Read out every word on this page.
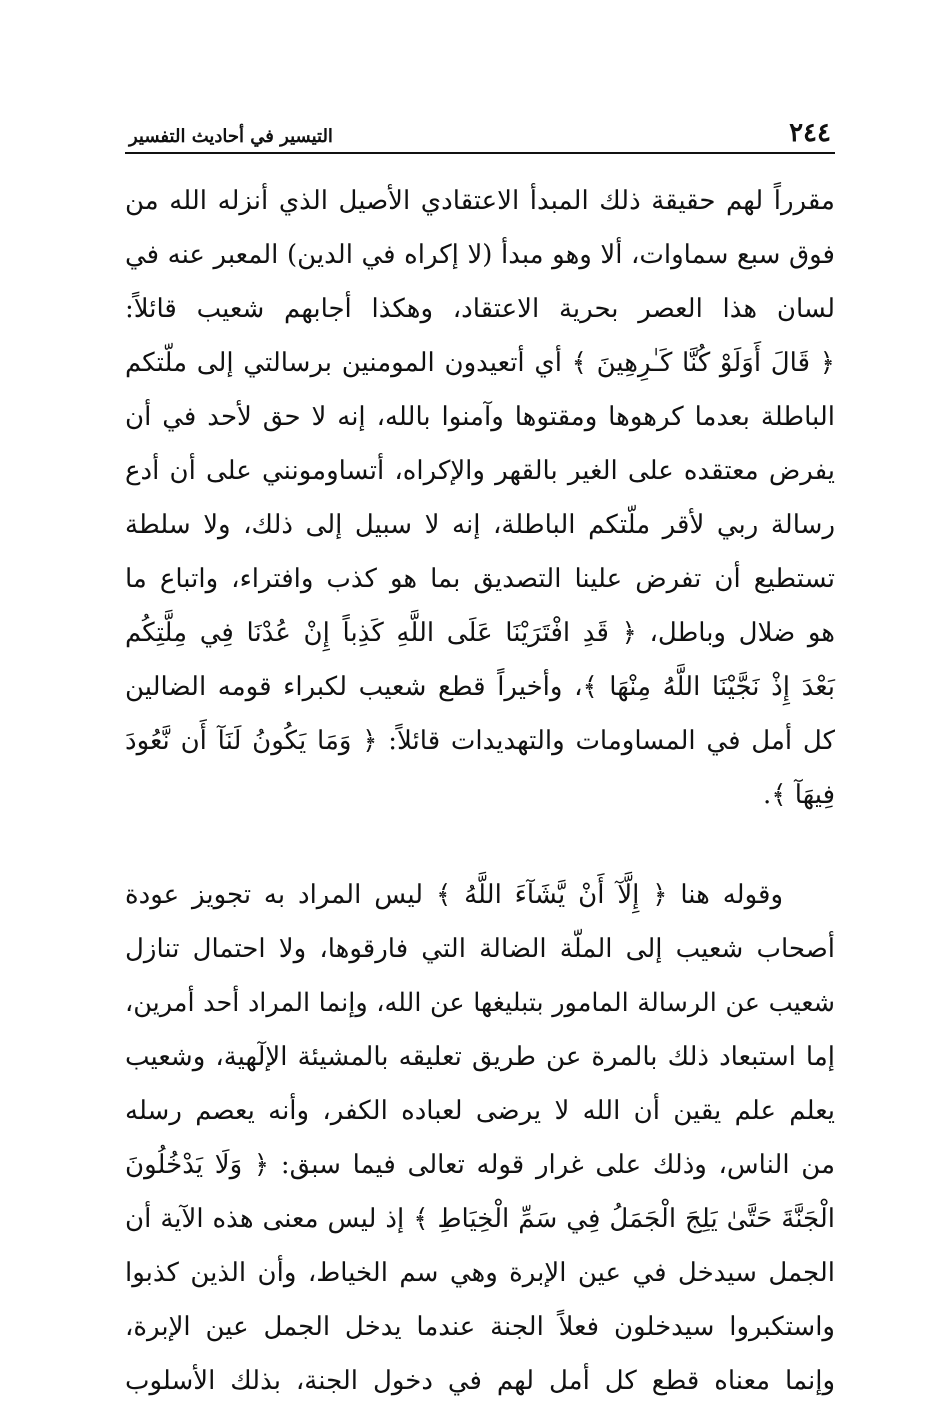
٢٤٤
التيسير في أحاديث التفسير

مقرراً لهم حقيقة ذلك المبدأ الاعتقادي الأصيل الذي أنزله الله من
فوق سبع سماوات، ألا وهو مبدأ (لا إكراه في الدين) المعبر عنه في
لسان هذا العصر بحرية الاعتقاد، وهكذا أجابهم شعيب قائلاً:
﴿ قَالَ أَوَلَوْ كُنَّا كَـٰرِهِينَ ﴾ أي أتعيدون المومنين برسالتي إلى ملّتكم
الباطلة بعدما كرهوها ومقتوها وآمنوا بالله، إنه لا حق لأحد في أن
يفرض معتقده على الغير بالقهر والإكراه، أتساومونني على أن أدع
رسالة ربي لأقر ملّتكم الباطلة، إنه لا سبيل إلى ذلك، ولا سلطة
تستطيع أن تفرض علينا التصديق بما هو كذب وافتراء، واتباع ما
هو ضلال وباطل، ﴿ قَدِ افْتَرَيْنَا عَلَى اللَّهِ كَذِباً إِنْ عُدْنَا فِي مِلَّتِكُم
بَعْدَ إِذْ نَجَّيْنَا اللَّهُ مِنْهَا ﴾، وأخيراً قطع شعيب لكبراء قومه الضالين
كل أمل في المساومات والتهديدات قائلاً: ﴿ وَمَا يَكُونُ لَنَآ أَن نَّعُودَ
فِيهَآ ﴾.

وقوله هنا ﴿ إِلَّآ أَنْ يَّشَآءَ اللَّهُ ﴾ ليس المراد به تجويز عودة
أصحاب شعيب إلى الملّة الضالة التي فارقوها، ولا احتمال تنازل
شعيب عن الرسالة المامور بتبليغها عن الله، وإنما المراد أحد أمرين،
إما استبعاد ذلك بالمرة عن طريق تعليقه بالمشيئة الإلٓهية، وشعيب
يعلم علم يقين أن الله لا يرضى لعباده الكفر، وأنه يعصم رسله
من الناس، وذلك على غرار قوله تعالى فيما سبق: ﴿ وَلَا يَدْخُلُونَ
الْجَنَّةَ حَتَّىٰ يَلِجَ الْجَمَلُ فِي سَمِّ الْخِيَاطِ ﴾ إذ ليس معنى هذه الآية أن
الجمل سيدخل في عين الإبرة وهي سم الخياط، وأن الذين كذبوا
واستكبروا سيدخلون فعلاً الجنة عندما يدخل الجمل عين الإبرة،
وإنما معناه قطع كل أمل لهم في دخول الجنة، بذلك الأسلوب
